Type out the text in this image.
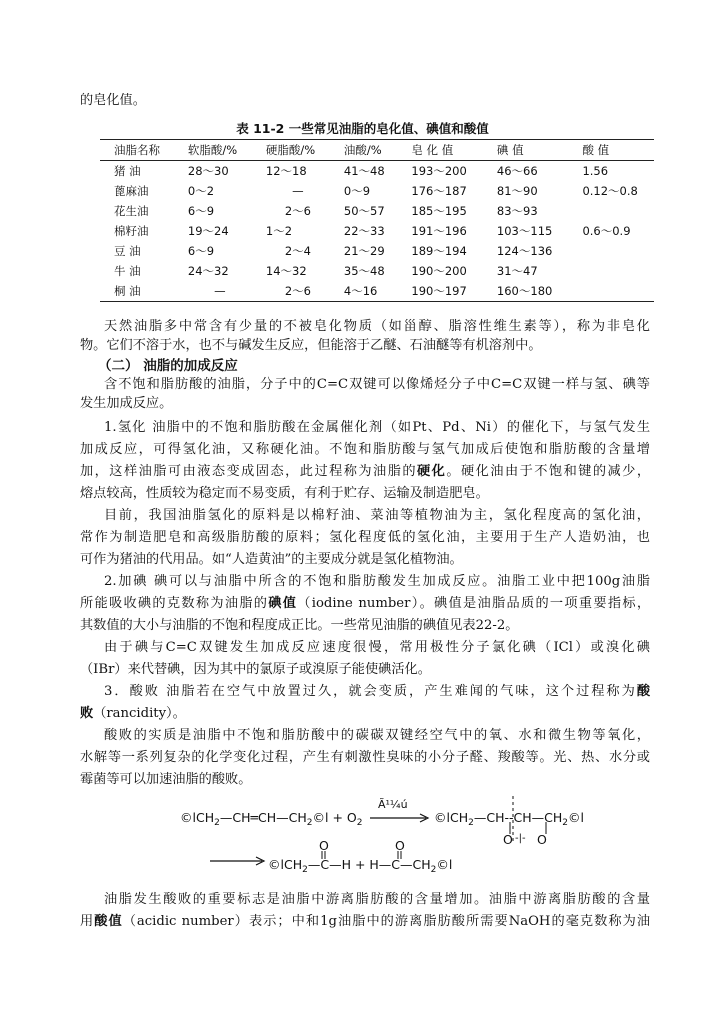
的皂化值。
表 11-2 一些常见油脂的皂化值、碘值和酸值
油脂名称	软脂酸/%	硬脂酸/%	油酸/%	皂 化 值	碘 值	酸 值
猪 油	28～30	12～18	41～48	193～200	46～66	1.56
蓖麻油	0～2	—	0～9	176～187	81～90	0.12～0.8
花生油	6～9	2～6	50～57	185～195	83～93	
棉籽油	19～24	1～2	22～33	191～196	103～115	0.6～0.9
豆 油	6～9	2～4	21～29	189～194	124～136	
牛 油	24～32	14～32	35～48	190～200	31～47	
桐 油	—	2～6	4～16	190～197	160～180	
天然油脂多中常含有少量的不被皂化物质（如甾醇、脂溶性维生素等），称为非皂化
物。它们不溶于水，也不与碱发生反应，但能溶于乙醚、石油醚等有机溶剂中。
（二） 油脂的加成反应
含不饱和脂肪酸的油脂，分子中的C=C双键可以像烯烃分子中C=C双键一样与氢、碘等
发生加成反应。
1.氢化 油脂中的不饱和脂肪酸在金属催化剂（如Pt、Pd、Ni）的催化下，与氢气发生
加成反应，可得氢化油，又称硬化油。不饱和脂肪酸与氢气加成后使饱和脂肪酸的含量增
加，这样油脂可由液态变成固态，此过程称为油脂的硬化。硬化油由于不饱和键的减少，
熔点较高，性质较为稳定而不易变质，有利于贮存、运输及制造肥皂。
目前，我国油脂氢化的原料是以棉籽油、菜油等植物油为主，氢化程度高的氢化油，
常作为制造肥皂和高级脂肪酸的原料；氢化程度低的氢化油，主要用于生产人造奶油，也
可作为猪油的代用品。如“人造黄油”的主要成分就是氢化植物油。
2.加碘 碘可以与油脂中所含的不饱和脂肪酸发生加成反应。油脂工业中把100g油脂
所能吸收碘的克数称为油脂的碘值（iodine number）。碘值是油脂品质的一项重要指标，
其数值的大小与油脂的不饱和程度成正比。一些常见油脂的碘值见表22-2。
由于碘与C=C双键发生加成反应速度很慢，常用极性分子氯化碘（ICl）或溴化碘
（IBr）来代替碘，因为其中的氯原子或溴原子能使碘活化。
3．酸败 油脂若在空气中放置过久，就会变质，产生难闻的气味，这个过程称为酸
败（rancidity）。
酸败的实质是油脂中不饱和脂肪酸中的碳碳双键经空气中的氧、水和微生物等氧化，
水解等一系列复杂的化学变化过程，产生有刺激性臭味的小分子醛、羧酸等。光、热、水分或
霉菌等可以加速油脂的酸败。
$©lCH_2—CH═CH—CH_2©l + O_2$
Ã¹¼ú
→ $©lCH_2—CH--CH—CH_2©l$
O -|- O
O	O
©lCH$_2$—C—H + $H—C—CH_2©l$
油脂发生酸败的重要标志是油脂中游离脂肪酸的含量增加。油脂中游离脂肪酸的含量
用酸值（acidic number）表示；中和1g油脂中的游离脂肪酸所需要NaOH的毫克数称为油
